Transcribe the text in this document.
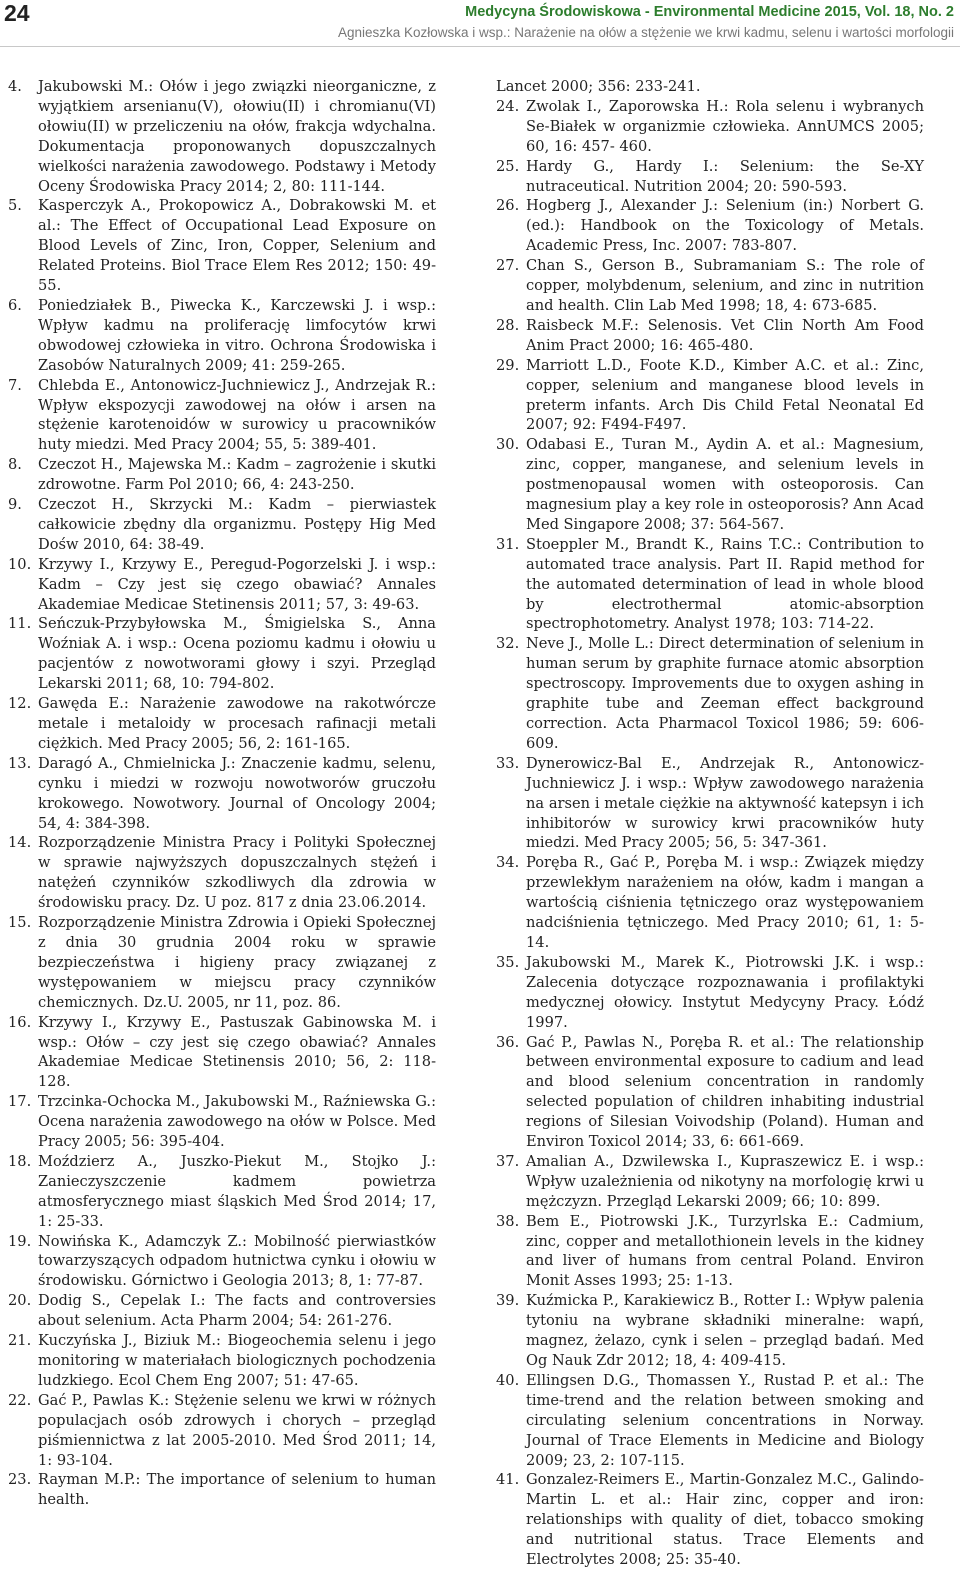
24	Medycyna Środowiskowa - Environmental Medicine 2015, Vol. 18, No. 2
Agnieszka Kozłowska i wsp.: Narażenie na ołów a stężenie we krwi kadmu, selenu i wartości morfologii
4.	Jakubowski M.: Ołów i jego związki nieorganiczne, z wyjątkiem arsenianu(V), ołowiu(II) i chromianu(VI) ołowiu(II) w przeliczeniu na ołów, frakcja wdychalna. Dokumentacja proponowanych dopuszczalnych wielkości narażenia zawodowego. Podstawy i Metody Oceny Środowiska Pracy 2014; 2, 80: 111-144.
5.	Kasperczyk A., Prokopowicz A., Dobrakowski M. et al.: The Effect of Occupational Lead Exposure on Blood Levels of Zinc, Iron, Copper, Selenium and Related Proteins. Biol Trace Elem Res 2012; 150: 49-55.
6.	Poniedziałek B., Piwecka K., Karczewski J. i wsp.: Wpływ kadmu na proliferację limfocytów krwi obwodowej człowieka in vitro. Ochrona Środowiska i Zasobów Naturalnych 2009; 41: 259-265.
7.	Chlebda E., Antonowicz-Juchniewicz J., Andrzejak R.: Wpływ ekspozycji zawodowej na ołów i arsen na stężenie karotenoidów w surowicy u pracowników huty miedzi. Med Pracy 2004; 55, 5: 389-401.
8.	Czeczot H., Majewska M.: Kadm – zagrożenie i skutki zdrowotne. Farm Pol 2010; 66, 4: 243-250.
9.	Czeczot H., Skrzycki M.: Kadm – pierwiastek całkowicie zbędny dla organizmu. Postępy Hig Med Dośw 2010, 64: 38-49.
10. Krzywy I., Krzywy E., Peregud-Pogorzelski J. i wsp.: Kadm – Czy jest się czego obawiać? Annales Akademiae Medicae Stetinensis 2011; 57, 3: 49-63.
11. Seńczuk-Przybyłowska M., Śmigielska S., Anna Woźniak A. i wsp.: Ocena poziomu kadmu i ołowiu u pacjentów z nowotworami głowy i szyi. Przegląd Lekarski 2011; 68, 10: 794-802.
12. Gawęda E.: Narażenie zawodowe na rakotwórcze metale i metaloidy w procesach rafinacji metali ciężkich. Med Pracy 2005; 56, 2: 161-165.
13. Daragó A., Chmielnicka J.: Znaczenie kadmu, selenu, cynku i miedzi w rozwoju nowotworów gruczołu krokowego. Nowotwory. Journal of Oncology 2004; 54, 4: 384-398.
14. Rozporządzenie Ministra Pracy i Polityki Społecznej w sprawie najwyższych dopuszczalnych stężeń i natężeń czynników szkodliwych dla zdrowia w środowisku pracy. Dz. U poz. 817 z dnia 23.06.2014.
15. Rozporządzenie Ministra Zdrowia i Opieki Społecznej z dnia 30 grudnia 2004 roku w sprawie bezpieczeństwa i higieny pracy związanej z występowaniem w miejscu pracy czynników chemicznych. Dz.U. 2005, nr 11, poz. 86.
16. Krzywy I., Krzywy E., Pastuszak Gabinowska M. i wsp.: Ołów – czy jest się czego obawiać? Annales Akademiae Medicae Stetinensis 2010; 56, 2: 118-128.
17. Trzcinka-Ochocka M., Jakubowski M., Raźniewska G.: Ocena narażenia zawodowego na ołów w Polsce. Med Pracy 2005; 56: 395-404.
18. Moździerz A., Juszko-Piekut M., Stojko J.: Zanieczyszczenie kadmem powietrza atmosferycznego miast śląskich Med Środ 2014; 17, 1: 25-33.
19. Nowińska K., Adamczyk Z.: Mobilność pierwiastków towarzyszących odpadom hutnictwa cynku i ołowiu w środowisku. Górnictwo i Geologia 2013; 8, 1: 77-87.
20. Dodig S., Cepelak I.: The facts and controversies about selenium. Acta Pharm 2004; 54: 261-276.
21. Kuczyńska J., Biziuk M.: Biogeochemia selenu i jego monitoring w materiałach biologicznych pochodzenia ludzkiego. Ecol Chem Eng 2007; 51: 47-65.
22. Gać P., Pawlas K.: Stężenie selenu we krwi w różnych populacjach osób zdrowych i chorych – przegląd piśmiennictwa z lat 2005-2010. Med Środ 2011; 14, 1: 93-104.
23. Rayman M.P.: The importance of selenium to human health.
Lancet 2000; 356: 233-241.
24. Zwolak I., Zaporowska H.: Rola selenu i wybranych Se-Białek w organizmie człowieka. AnnUMCS 2005; 60, 16: 457- 460.
25. Hardy G., Hardy I.: Selenium: the Se-XY nutraceutical. Nutrition 2004; 20: 590-593.
26. Hogberg J., Alexander J.: Selenium (in:) Norbert G. (ed.): Handbook on the Toxicology of Metals. Academic Press, Inc. 2007: 783-807.
27. Chan S., Gerson B., Subramaniam S.: The role of copper, molybdenum, selenium, and zinc in nutrition and health. Clin Lab Med 1998; 18, 4: 673-685.
28. Raisbeck M.F.: Selenosis. Vet Clin North Am Food Anim Pract 2000; 16: 465-480.
29. Marriott L.D., Foote K.D., Kimber A.C. et al.: Zinc, copper, selenium and manganese blood levels in preterm infants. Arch Dis Child Fetal Neonatal Ed 2007; 92: F494-F497.
30. Odabasi E., Turan M., Aydin A. et al.: Magnesium, zinc, copper, manganese, and selenium levels in postmenopausal women with osteoporosis. Can magnesium play a key role in osteoporosis? Ann Acad Med Singapore 2008; 37: 564-567.
31. Stoeppler M., Brandt K., Rains T.C.: Contribution to automated trace analysis. Part II. Rapid method for the automated determination of lead in whole blood by electrothermal atomic-absorption spectrophotometry. Analyst 1978; 103: 714-22.
32. Neve J., Molle L.: Direct determination of selenium in human serum by graphite furnace atomic absorption spectroscopy. Improvements due to oxygen ashing in graphite tube and Zeeman effect background correction. Acta Pharmacol Toxicol 1986; 59: 606-609.
33. Dynerowicz-Bal E., Andrzejak R., Antonowicz-Juchniewicz J. i wsp.: Wpływ zawodowego narażenia na arsen i metale ciężkie na aktywność katepsyn i ich inhibitorów w surowicy krwi pracowników huty miedzi. Med Pracy 2005; 56, 5: 347-361.
34. Poręba R., Gać P., Poręba M. i wsp.: Związek między przewlekłym narażeniem na ołów, kadm i mangan a wartością ciśnienia tętniczego oraz występowaniem nadciśnienia tętniczego. Med Pracy 2010; 61, 1: 5-14.
35. Jakubowski M., Marek K., Piotrowski J.K. i wsp.: Zalecenia dotyczące rozpoznawania i profilaktyki medycznej ołowicy. Instytut Medycyny Pracy. Łódź 1997.
36. Gać P., Pawlas N., Poręba R. et al.: The relationship between environmental exposure to cadium and lead and blood selenium concentration in randomly selected population of children inhabiting industrial regions of Silesian Voivodship (Poland). Human and Environ Toxicol 2014; 33, 6: 661-669.
37. Amalian A., Dzwilewska I., Kupraszewicz E. i wsp.: Wpływ uzależnienia od nikotyny na morfologię krwi u mężczyzn. Przegląd Lekarski 2009; 66; 10: 899.
38. Bem E., Piotrowski J.K., Turzyrlska E.: Cadmium, zinc, copper and metallothionein levels in the kidney and liver of humans from central Poland. Environ Monit Asses 1993; 25: 1-13.
39. Kuźmicka P., Karakiewicz B., Rotter I.: Wpływ palenia tytoniu na wybrane składniki mineralne: wapń, magnez, żelazo, cynk i selen – przegląd badań. Med Og Nauk Zdr 2012; 18, 4: 409-415.
40. Ellingsen D.G., Thomassen Y., Rustad P. et al.: The time-trend and the relation between smoking and circulating selenium concentrations in Norway. Journal of Trace Elements in Medicine and Biology 2009; 23, 2: 107-115.
41. Gonzalez-Reimers E., Martin-Gonzalez M.C., Galindo-Martin L. et al.: Hair zinc, copper and iron: relationships with quality of diet, tobacco smoking and nutritional status. Trace Elements and Electrolytes 2008; 25: 35-40.
